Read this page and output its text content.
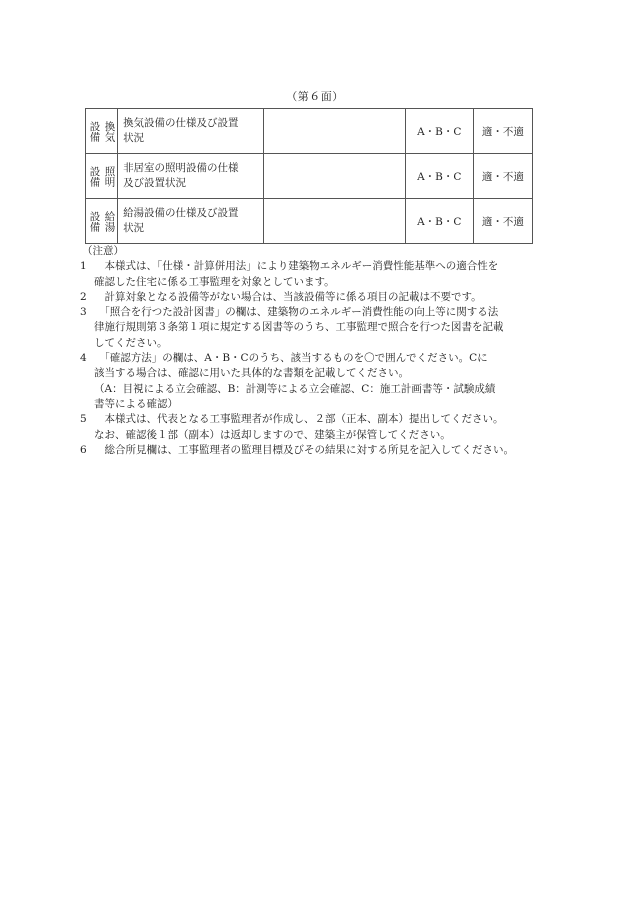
（第６面）
設備 換気	換気設備の仕様及び設置
状況
		A・B・C	適・不適

設備 照明	非居室の照明設備の仕様
及び設置状況
		A・B・C	適・不適

設備 給湯	給湯設備の仕様及び設置
状況
		A・B・C	適・不適
（注意）
1 　本様式は、「仕様・計算併用法」により建築物エネルギー消費性能基準への適合性を
確認した住宅に係る工事監理を対象としています。
2 　計算対象となる設備等がない場合は、当該設備等に係る項目の記載は不要です。
3 　「照合を行つた設計図書」の欄は、建築物のエネルギー消費性能の向上等に関する法
律施行規則第３条第１項に規定する図書等のうち、工事監理で照合を行つた図書を記載
してください。
4 　「確認方法」の欄は、A・B・Cのうち、該当するものを〇で囲んでください。Cに
該当する場合は、確認に用いた具体的な書類を記載してください。
（A：目視による立会確認、B：計測等による立会確認、C：施工計画書等・試験成績
書等による確認）
5 　本様式は、代表となる工事監理者が作成し、２部（正本、副本）提出してください。
なお、確認後１部（副本）は返却しますので、建築主が保管してください。
6 　総合所見欄は、工事監理者の監理目標及びその結果に対する所見を記入してください。
